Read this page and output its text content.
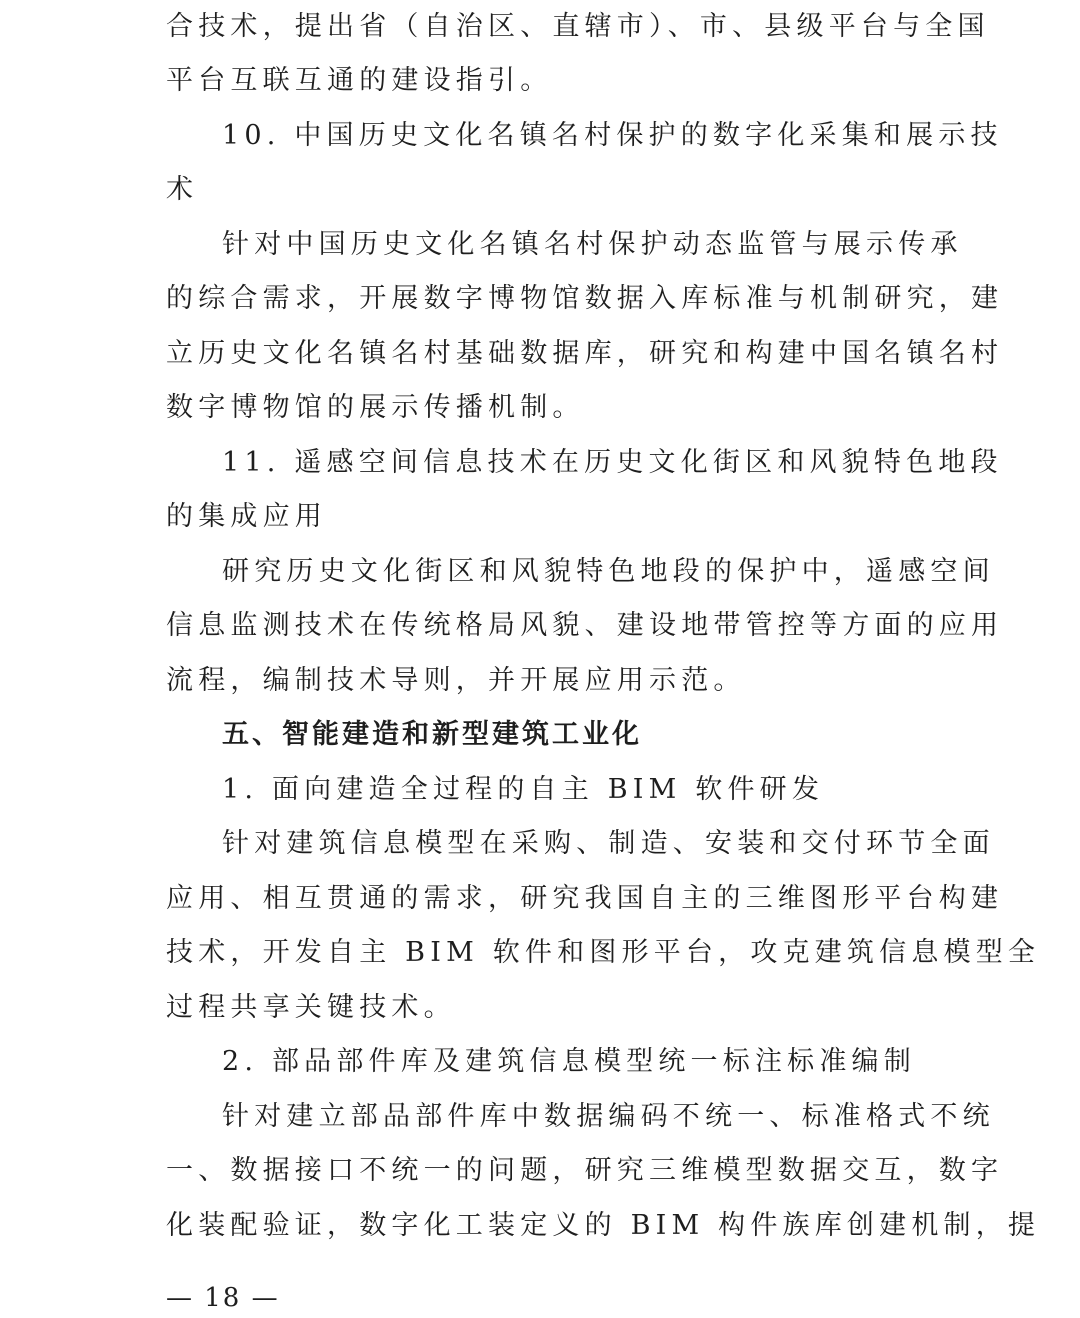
合技术，提出省（自治区、直辖市）、市、县级平台与全国
平台互联互通的建设指引。
10. 中国历史文化名镇名村保护的数字化采集和展示技
术
针对中国历史文化名镇名村保护动态监管与展示传承
的综合需求，开展数字博物馆数据入库标准与机制研究，建
立历史文化名镇名村基础数据库，研究和构建中国名镇名村
数字博物馆的展示传播机制。
11. 遥感空间信息技术在历史文化街区和风貌特色地段
的集成应用
研究历史文化街区和风貌特色地段的保护中，遥感空间
信息监测技术在传统格局风貌、建设地带管控等方面的应用
流程，编制技术导则，并开展应用示范。
五、智能建造和新型建筑工业化
1. 面向建造全过程的自主 BIM 软件研发
针对建筑信息模型在采购、制造、安装和交付环节全面
应用、相互贯通的需求，研究我国自主的三维图形平台构建
技术，开发自主 BIM 软件和图形平台，攻克建筑信息模型全
过程共享关键技术。
2. 部品部件库及建筑信息模型统一标注标准编制
针对建立部品部件库中数据编码不统一、标准格式不统
一、数据接口不统一的问题，研究三维模型数据交互，数字
化装配验证，数字化工装定义的 BIM 构件族库创建机制，提
— 18 —
